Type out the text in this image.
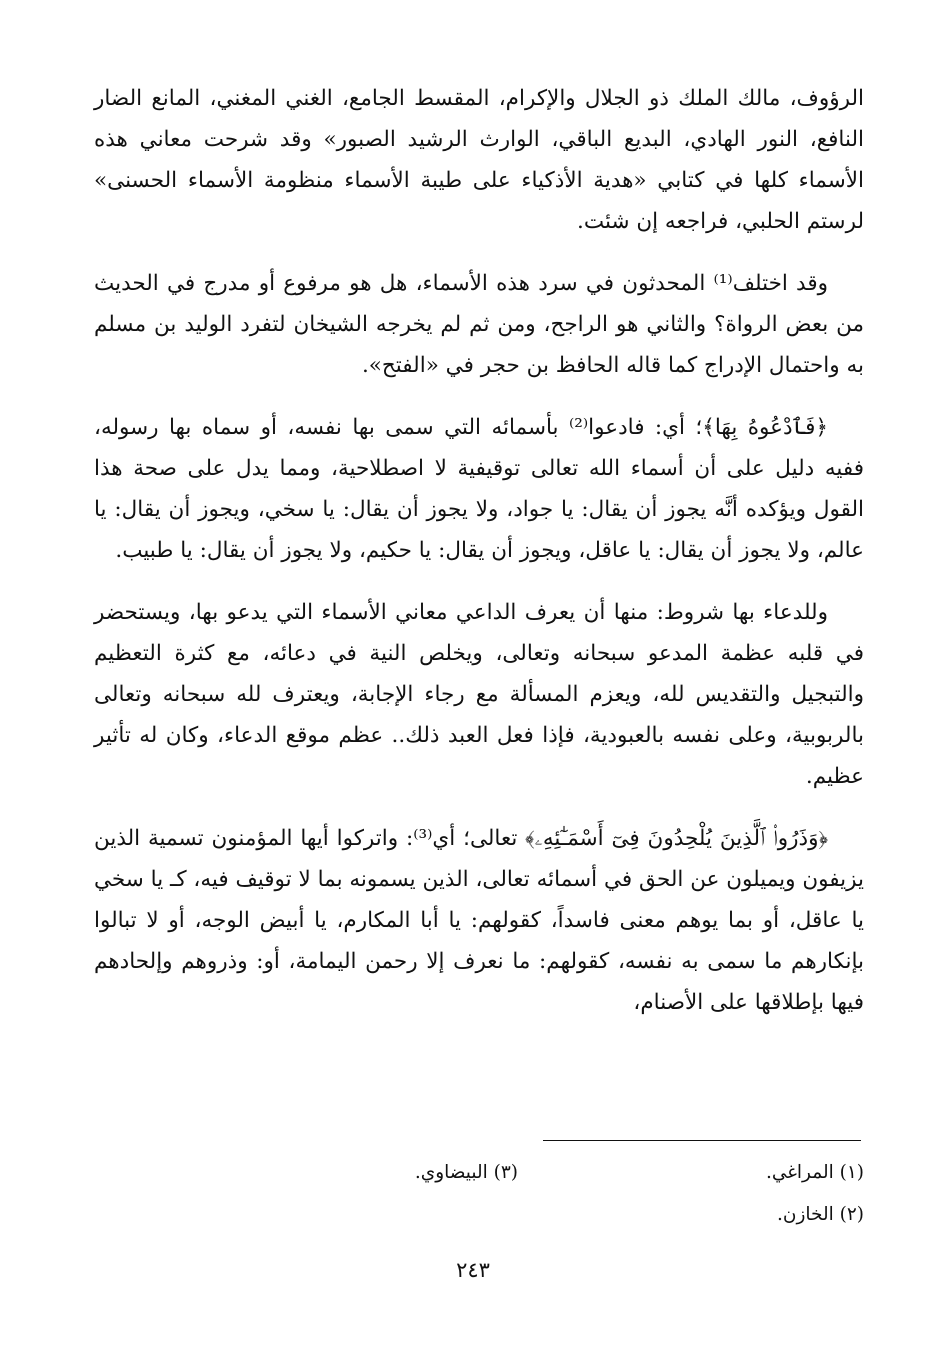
الرؤوف، مالك الملك ذو الجلال والإكرام، المقسط الجامع، الغني المغني، المانع الضار النافع، النور الهادي، البديع الباقي، الوارث الرشيد الصبور» وقد شرحت معاني هذه الأسماء كلها في كتابي «هدية الأذكياء على طيبة الأسماء منظومة الأسماء الحسنى» لرستم الحلبي، فراجعه إن شئت.

وقد اختلف⁽¹⁾ المحدثون في سرد هذه الأسماء، هل هو مرفوع أو مدرج في الحديث من بعض الرواة؟ والثاني هو الراجح، ومن ثم لم يخرجه الشيخان لتفرد الوليد بن مسلم به واحتمال الإدراج كما قاله الحافظ بن حجر في «الفتح».

﴿فَٱدْعُوهُ بِهَا﴾؛ أي: فادعوا⁽²⁾ بأسمائه التي سمى بها نفسه، أو سماه بها رسوله، ففيه دليل على أن أسماء الله تعالى توقيفية لا اصطلاحية، ومما يدل على صحة هذا القول ويؤكده أنَّه يجوز أن يقال: يا جواد، ولا يجوز أن يقال: يا سخي، ويجوز أن يقال: يا عالم، ولا يجوز أن يقال: يا عاقل، ويجوز أن يقال: يا حكيم، ولا يجوز أن يقال: يا طبيب.

وللدعاء بها شروط: منها أن يعرف الداعي معاني الأسماء التي يدعو بها، ويستحضر في قلبه عظمة المدعو سبحانه وتعالى، ويخلص النية في دعائه، مع كثرة التعظيم والتبجيل والتقديس لله، ويعزم المسألة مع رجاء الإجابة، ويعترف لله سبحانه وتعالى بالربوبية، وعلى نفسه بالعبودية، فإذا فعل العبد ذلك.. عظم موقع الدعاء، وكان له تأثير عظيم.

﴿وَذَرُوا۟ ٱلَّذِينَ يُلْحِدُونَ فِىٓ أَسْمَـٰٓئِهِۦ﴾ تعالى؛ أي⁽³⁾: واتركوا أيها المؤمنون تسمية الذين يزيفون ويميلون عن الحق في أسمائه تعالى، الذين يسمونه بما لا توقيف فيه، كـ يا سخي يا عاقل، أو بما يوهم معنى فاسداً، كقولهم: يا أبا المكارم، يا أبيض الوجه، أو لا تبالوا بإنكارهم ما سمى به نفسه، كقولهم: ما نعرف إلا رحمن اليمامة، أو: وذروهم وإلحادهم فيها بإطلاقها على الأصنام،

(١) المراغي.
(٢) الخازن.
(٣) البيضاوي.
٢٤٣
